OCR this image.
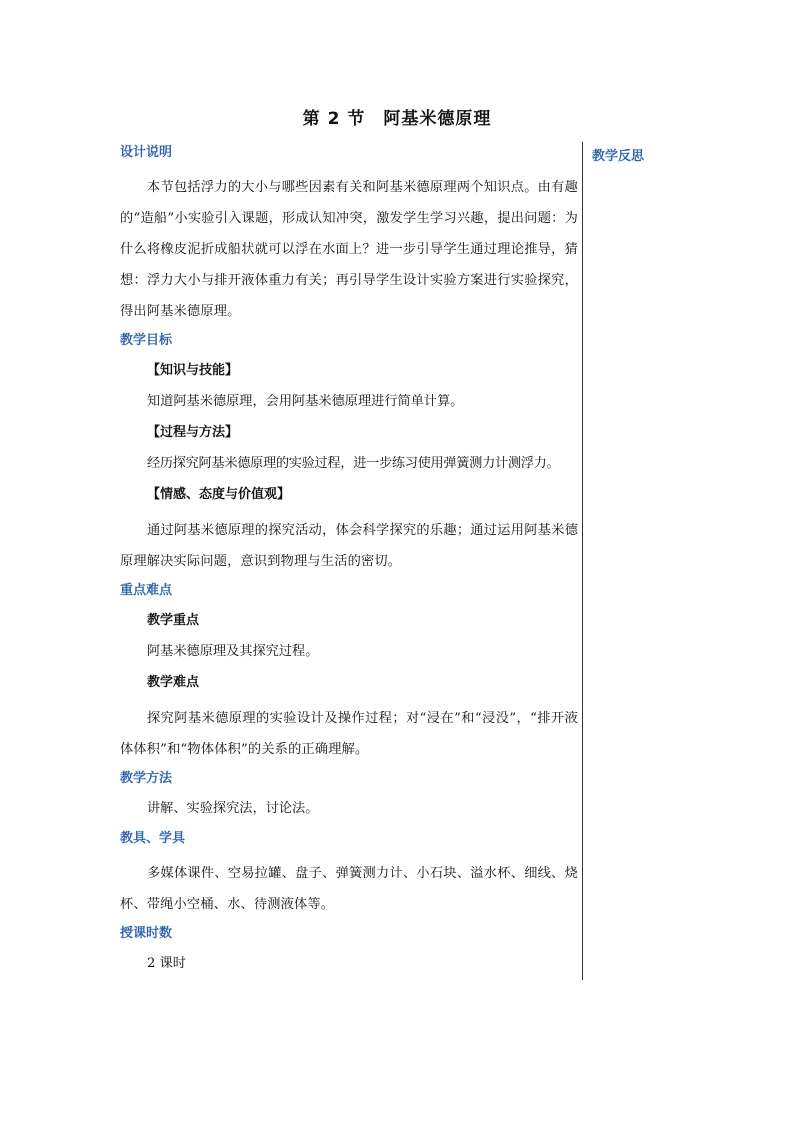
第 2 节　阿基米德原理
教学反思
设计说明
本节包括浮力的大小与哪些因素有关和阿基米德原理两个知识点。由有趣的“造船”小实验引入课题，形成认知冲突，激发学生学习兴趣，提出问题：为什么将橡皮泥折成船状就可以浮在水面上？进一步引导学生通过理论推导，猜想：浮力大小与排开液体重力有关；再引导学生设计实验方案进行实验探究，得出阿基米德原理。
教学目标
【知识与技能】
知道阿基米德原理，会用阿基米德原理进行简单计算。
【过程与方法】
经历探究阿基米德原理的实验过程，进一步练习使用弹簧测力计测浮力。
【情感、态度与价值观】
通过阿基米德原理的探究活动，体会科学探究的乐趣；通过运用阿基米德原理解决实际问题，意识到物理与生活的密切。
重点难点
教学重点
阿基米德原理及其探究过程。
教学难点
探究阿基米德原理的实验设计及操作过程；对“浸在”和“浸没”，“排开液体体积”和“物体体积”的关系的正确理解。
教学方法
讲解、实验探究法，讨论法。
教具、学具
多媒体课件、空易拉罐、盘子、弹簧测力计、小石块、溢水杯、细线、烧杯、带绳小空桶、水、待测液体等。
授课时数
2 课时
